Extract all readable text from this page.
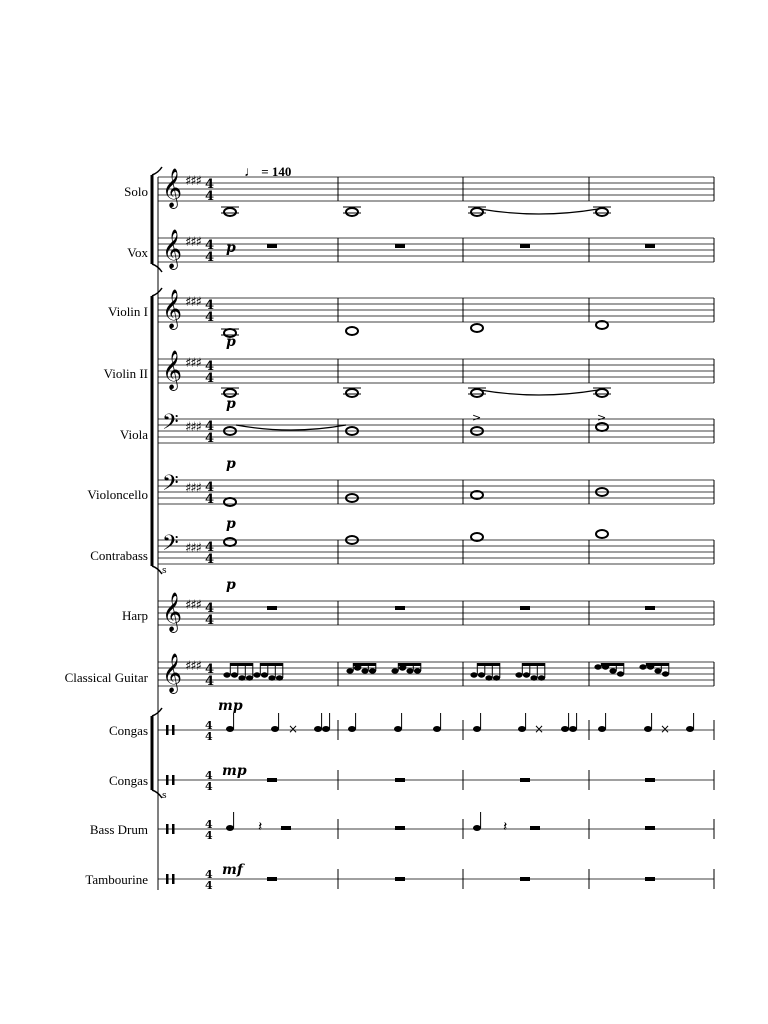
s
s
𝄞 ♯♯♯ 4
4
𝄞 ♯♯♯ 4
4
𝄞 ♯♯♯ 4
4
𝄞 ♯♯♯ 4
4
𝄢 ♯♯♯ 4
4
𝄢 ♯♯♯ 4
4
𝄢 ♯♯♯ 4
4
𝄞 ♯♯♯ 4
4
𝄞 ♯♯♯ 4
4
4
4
4
4
4
4
4
4
>	>
×	×	×
𝄽	𝄽
♩ = 140
Solo
Vox
Violin I
Violin II
Viola
Violoncello
Contrabass
Harp
Classical Guitar
Congas
Congas
Bass Drum
Tambourine
p
p
p
p
p
p
mp
mp
mf
